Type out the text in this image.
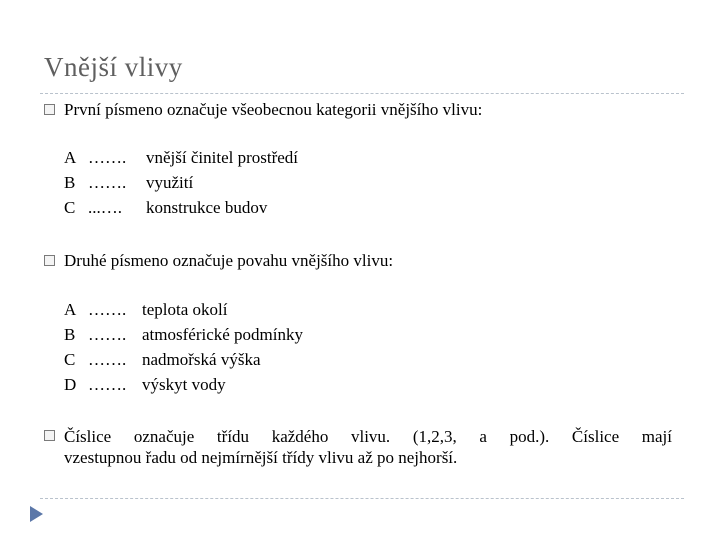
Vnější vlivy
První písmeno označuje všeobecnou kategorii vnějšího vlivu:
A ……. vnější činitel prostředí
B ……. využití
C ...…. konstrukce budov
Druhé písmeno označuje povahu vnějšího vlivu:
A ……. teplota okolí
B ……. atmosférické podmínky
C ……. nadmořská výška
D ……. výskyt vody
Číslice označuje třídu každého vlivu. (1,2,3, a pod.). Číslice mají
vzestupnou řadu od nejmírnější třídy vlivu až po nejhorší.
